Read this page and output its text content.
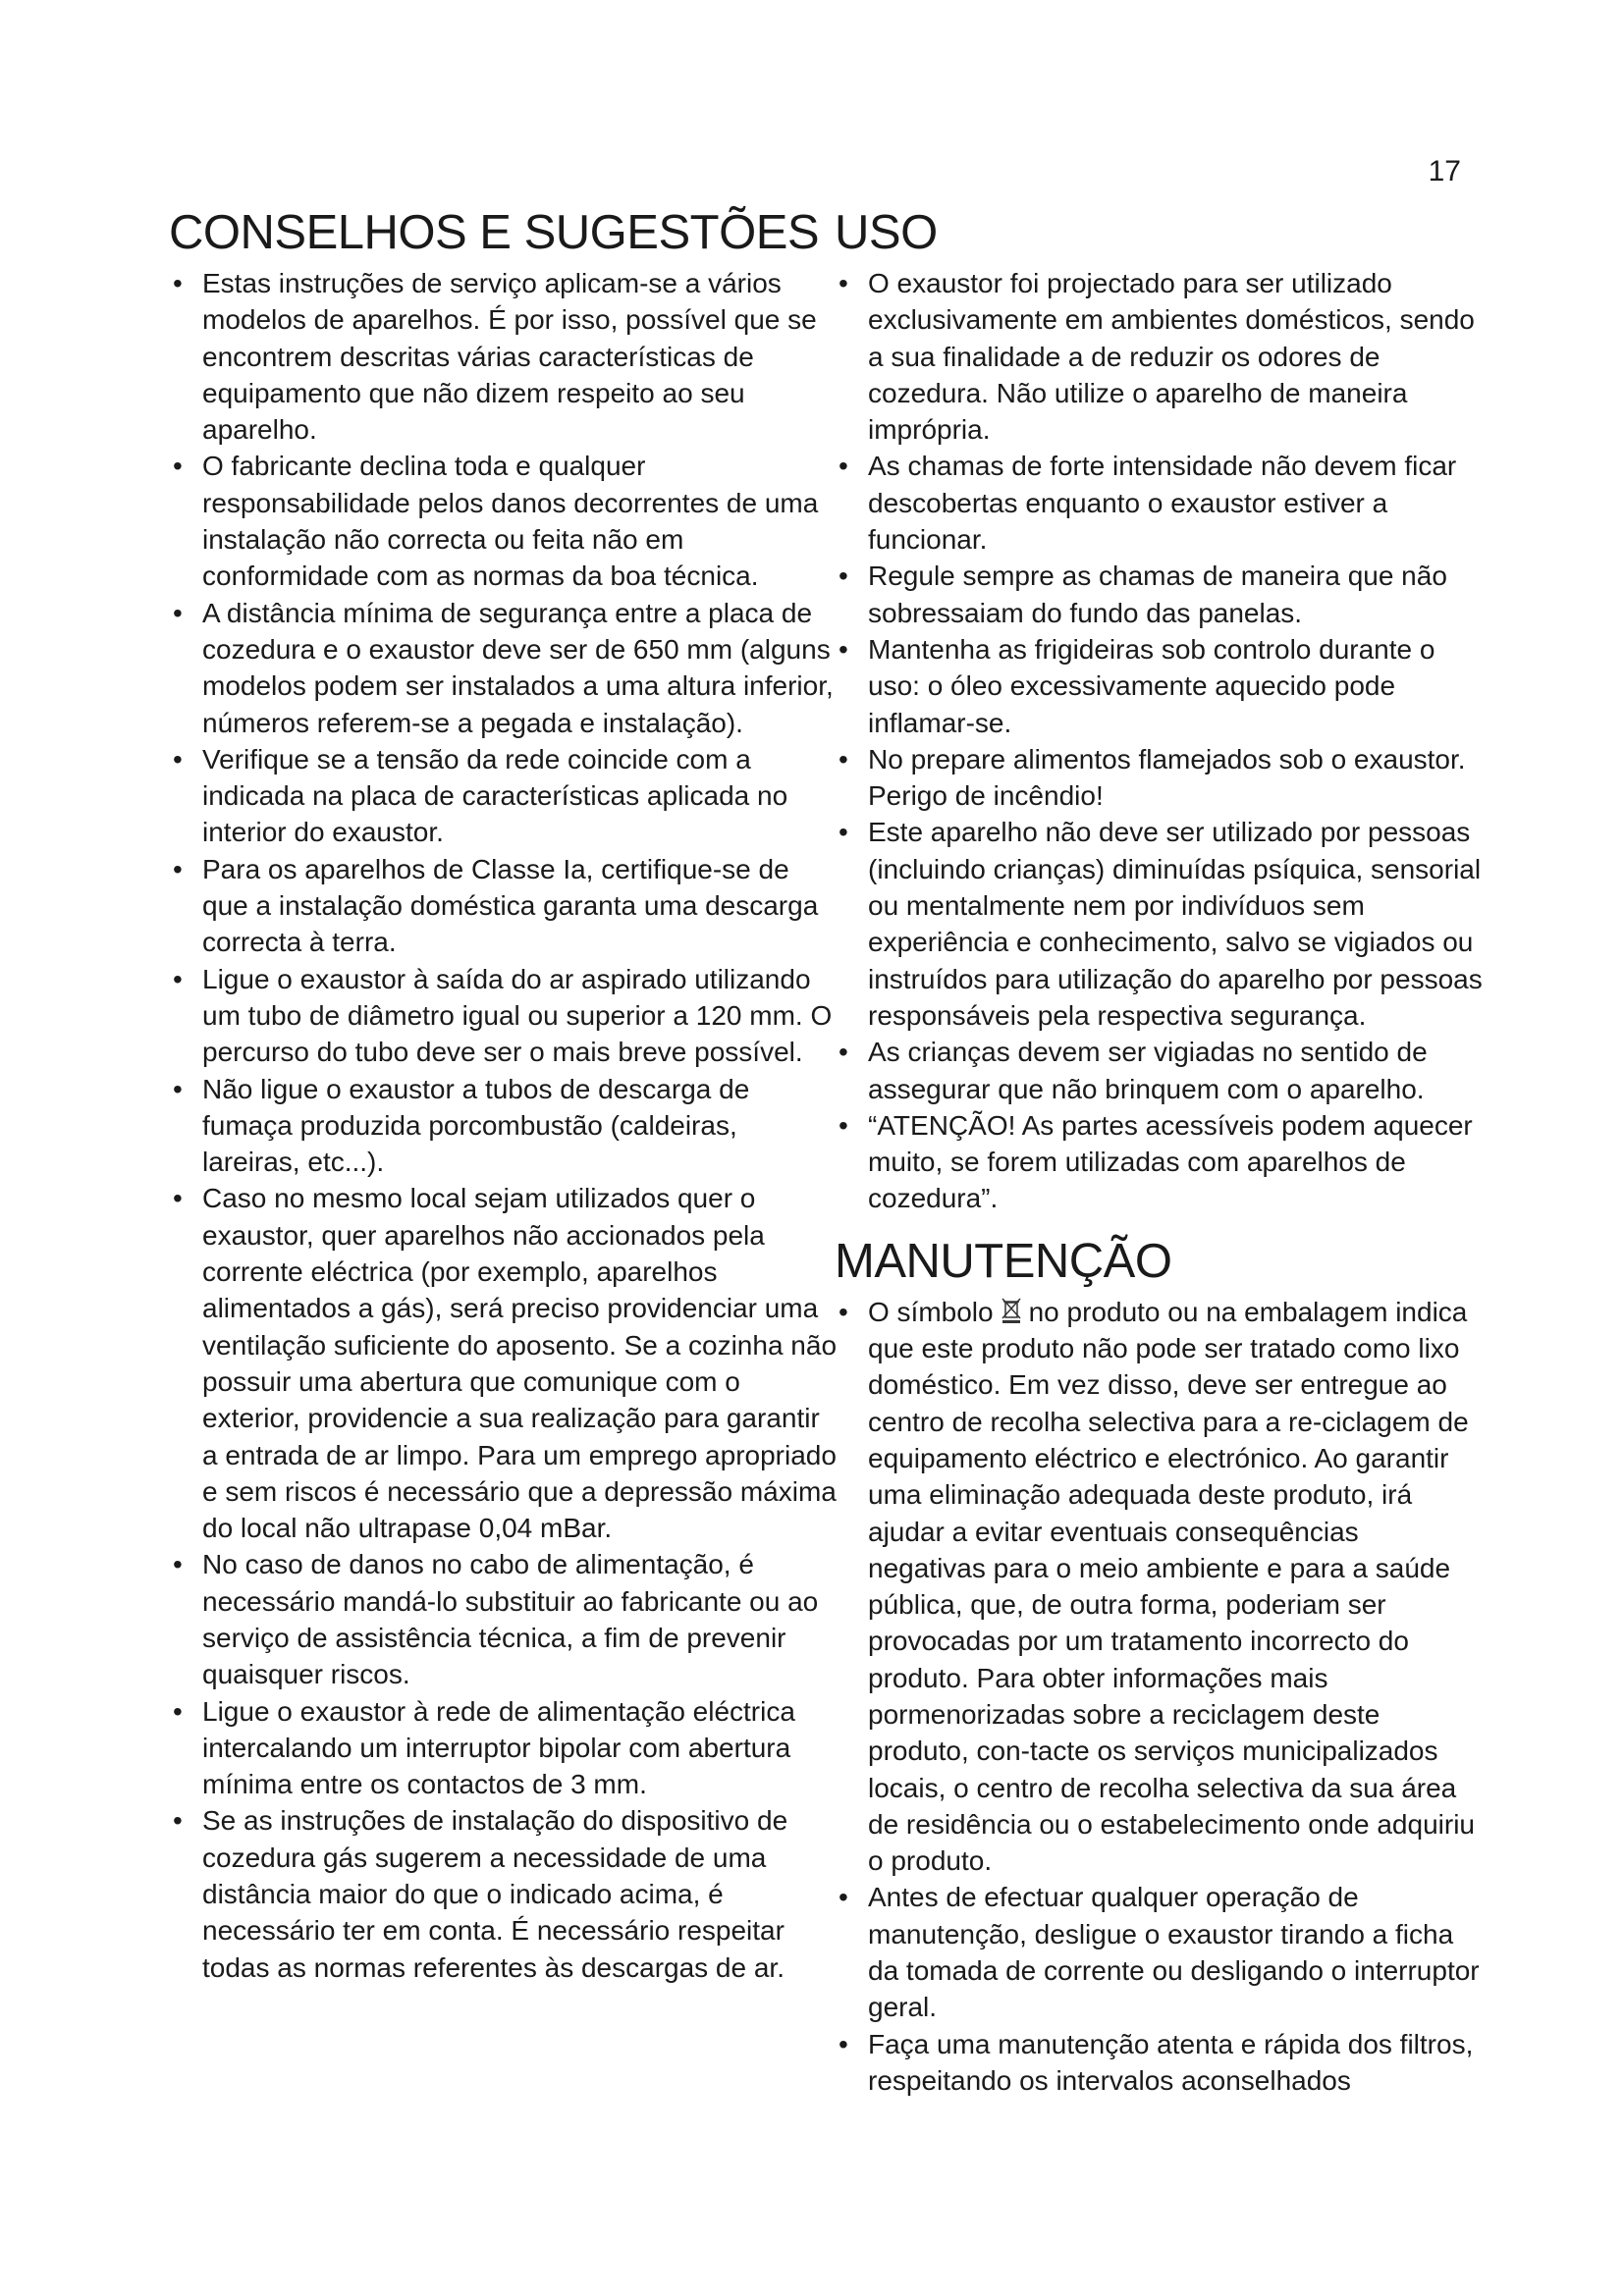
17
CONSELHOS E SUGESTÕES
• Estas instruções de serviço aplicam-se a vários modelos de aparelhos. É por isso, possível que se encontrem descritas várias características de equipamento que não dizem respeito ao seu aparelho.
• O fabricante declina toda e qualquer responsabilidade pelos danos decorrentes de uma instalação não correcta ou feita não em conformidade com as normas da boa técnica.
• A distância mínima de segurança entre a placa de cozedura e o exaustor deve ser de 650 mm (alguns modelos podem ser instalados a uma altura inferior, números referem-se a pegada e instalação).
• Verifique se a tensão da rede coincide com a indicada na placa de características aplicada no interior do exaustor.
• Para os aparelhos de Classe Ia, certifique-se de que a instalação doméstica garanta uma descarga correcta à terra.
• Ligue o exaustor à saída do ar aspirado utilizando um tubo de diâmetro igual ou superior a 120 mm. O percurso do tubo deve ser o mais breve possível.
• Não ligue o exaustor a tubos de descarga de fumaça produzida porcombustão (caldeiras, lareiras, etc...).
• Caso no mesmo local sejam utilizados quer o exaustor, quer aparelhos não accionados pela corrente eléctrica (por exemplo, aparelhos alimentados a gás), será preciso providenciar uma ventilação suficiente do aposento. Se a cozinha não possuir uma abertura que comunique com o exterior, providencie a sua realização para garantir a entrada de ar limpo. Para um emprego apropriado e sem riscos é necessário que a depressão máxima do local não ultrapase 0,04 mBar.
• No caso de danos no cabo de alimentação, é necessário mandá-lo substituir ao fabricante ou ao serviço de assistência técnica, a fim de prevenir quaisquer riscos.
• Ligue o exaustor à rede de alimentação eléctrica intercalando um interruptor bipolar com abertura mínima entre os contactos de 3 mm.
• Se as instruções de instalação do dispositivo de cozedura gás sugerem a necessidade de uma distância maior do que o indicado acima, é necessário ter em conta. É necessário respeitar todas as normas referentes às descargas de ar.
USO
• O exaustor foi projectado para ser utilizado exclusivamente em ambientes domésticos, sendo a sua finalidade a de reduzir os odores de cozedura. Não utilize o aparelho de maneira imprópria.
• As chamas de forte intensidade não devem ficar descobertas enquanto o exaustor estiver a funcionar.
• Regule sempre as chamas de maneira que não sobressaiam do fundo das panelas.
• Mantenha as frigideiras sob controlo durante o uso: o óleo excessivamente aquecido pode inflamar-se.
• No prepare alimentos flamejados sob o exaustor. Perigo de incêndio!
• Este aparelho não deve ser utilizado por pessoas (incluindo crianças) diminuídas psíquica, sensorial ou mentalmente nem por indivíduos sem experiência e conhecimento, salvo se vigiados ou instruídos para utilização do aparelho por pessoas responsáveis pela respectiva segurança.
• As crianças devem ser vigiadas no sentido de assegurar que não brinquem com o aparelho.
• “ATENÇÃO! As partes acessíveis podem aquecer muito, se forem utilizadas com aparelhos de cozedura”.
MANUTENÇÃO
• O símbolo no produto ou na embalagem indica que este produto não pode ser tratado como lixo doméstico. Em vez disso, deve ser entregue ao centro de recolha selectiva para a re-ciclagem de equipamento eléctrico e electrónico. Ao garantir uma eliminação adequada deste produto, irá ajudar a evitar eventuais consequências negativas para o meio ambiente e para a saúde pública, que, de outra forma, poderiam ser provocadas por um tratamento incorrecto do produto. Para obter informações mais pormenorizadas sobre a reciclagem deste produto, con-tacte os serviços municipalizados locais, o centro de recolha selectiva da sua área de residência ou o estabelecimento onde adquiriu o produto.
• Antes de efectuar qualquer operação de manutenção, desligue o exaustor tirando a ficha da tomada de corrente ou desligando o interruptor geral.
• Faça uma manutenção atenta e rápida dos filtros, respeitando os intervalos aconselhados
